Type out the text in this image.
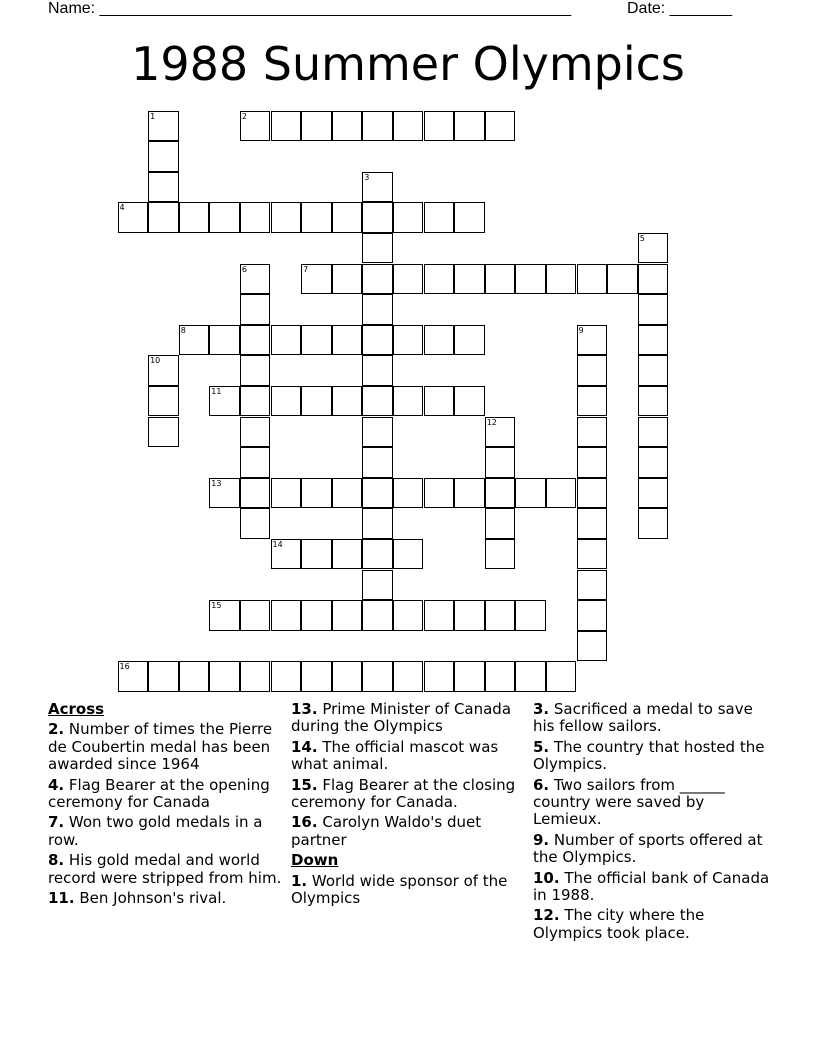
Name: _____________________________________________________	Date: _______
1988 Summer Olympics
1	2
3
4
5
6	7
8	9
10
11
12
13
14
15
16
Across
2. Number of times the Pierre de Coubertin medal has been awarded since 1964
4. Flag Bearer at the opening ceremony for Canada
7. Won two gold medals in a row.
8. His gold medal and world record were stripped from him.
11. Ben Johnson's rival.
13. Prime Minister of Canada during the Olympics
14. The official mascot was what animal.
15. Flag Bearer at the closing ceremony for Canada.
16. Carolyn Waldo's duet partner
Down
1. World wide sponsor of the Olympics
3. Sacrificed a medal to save his fellow sailors.
5. The country that hosted the Olympics.
6. Two sailors from ______ country were saved by Lemieux.
9. Number of sports offered at the Olympics.
10. The official bank of Canada in 1988.
12. The city where the Olympics took place.
